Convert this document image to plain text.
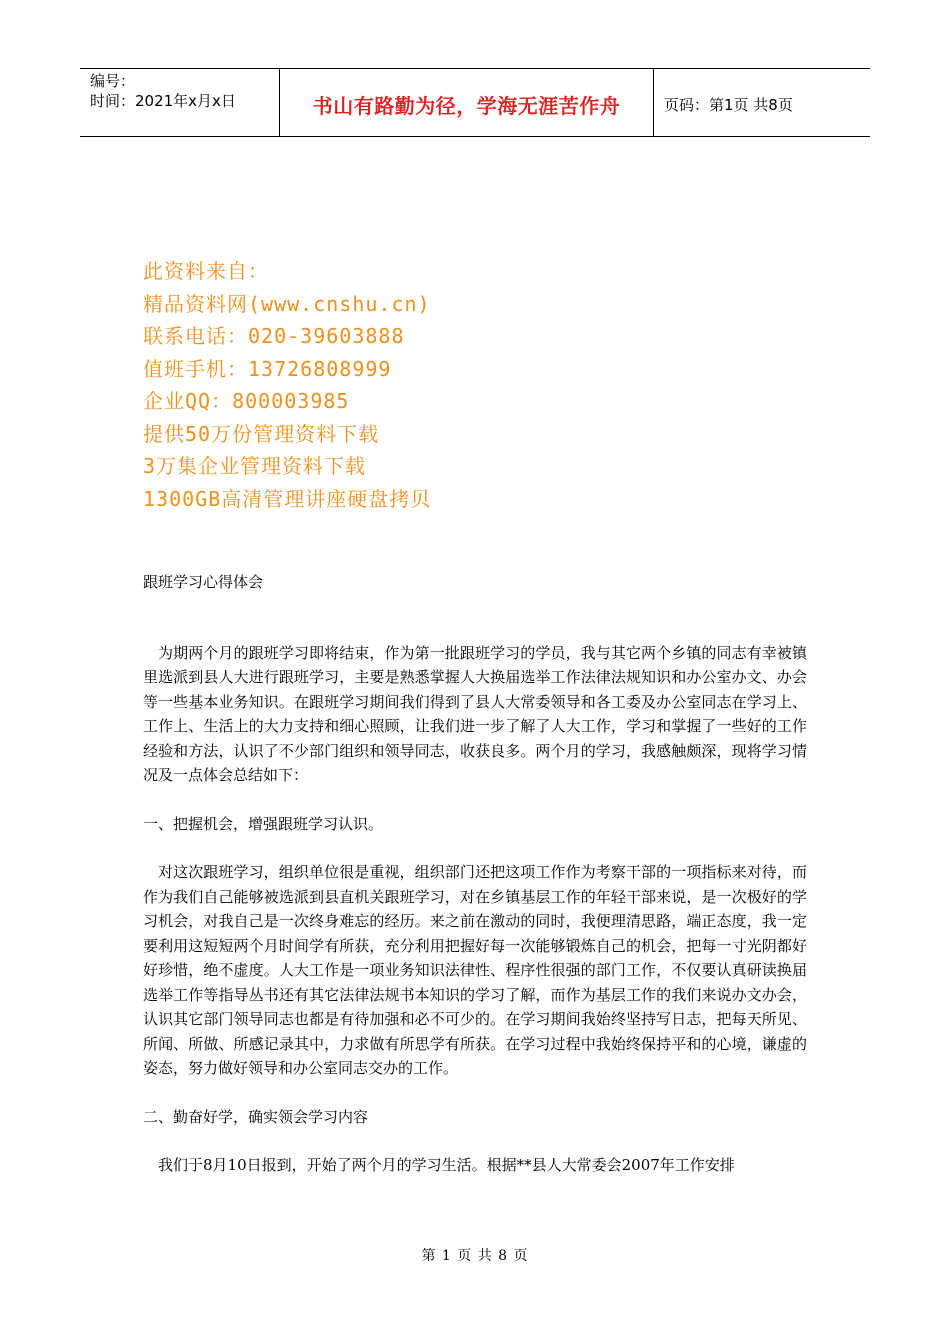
编号：
时间：2021年x月x日	书山有路勤为径，学海无涯苦作舟	页码：第1页 共8页
此资料来自：
精品资料网(www.cnshu.cn)
联系电话：020-39603888
值班手机：13726808999
企业QQ：800003985
提供50万份管理资料下载
3万集企业管理资料下载
1300GB高清管理讲座硬盘拷贝

跟班学习心得体会

为期两个月的跟班学习即将结束，作为第一批跟班学习的学员，我与其它两个乡镇的同志有幸被镇里选派到县人大进行跟班学习，主要是熟悉掌握人大换届选举工作法律法规知识和办公室办文、办会等一些基本业务知识。在跟班学习期间我们得到了县人大常委领导和各工委及办公室同志在学习上、工作上、生活上的大力支持和细心照顾，让我们进一步了解了人大工作，学习和掌握了一些好的工作经验和方法，认识了不少部门组织和领导同志，收获良多。两个月的学习，我感触颇深，现将学习情况及一点体会总结如下：

一、把握机会，增强跟班学习认识。

对这次跟班学习，组织单位很是重视，组织部门还把这项工作作为考察干部的一项指标来对待，而作为我们自己能够被选派到县直机关跟班学习，对在乡镇基层工作的年轻干部来说，是一次极好的学习机会，对我自己是一次终身难忘的经历。来之前在激动的同时，我便理清思路，端正态度，我一定要利用这短短两个月时间学有所获，充分利用把握好每一次能够锻炼自己的机会，把每一寸光阴都好好珍惜，绝不虚度。人大工作是一项业务知识法律性、程序性很强的部门工作，不仅要认真研读换届选举工作等指导丛书还有其它法律法规书本知识的学习了解，而作为基层工作的我们来说办文办会，认识其它部门领导同志也都是有待加强和必不可少的。在学习期间我始终坚持写日志，把每天所见、所闻、所做、所感记录其中，力求做有所思学有所获。在学习过程中我始终保持平和的心境，谦虚的姿态，努力做好领导和办公室同志交办的工作。

二、勤奋好学，确实领会学习内容

我们于8月10日报到，开始了两个月的学习生活。根据**县人大常委会2007年工作安排

第 1 页 共 8 页
